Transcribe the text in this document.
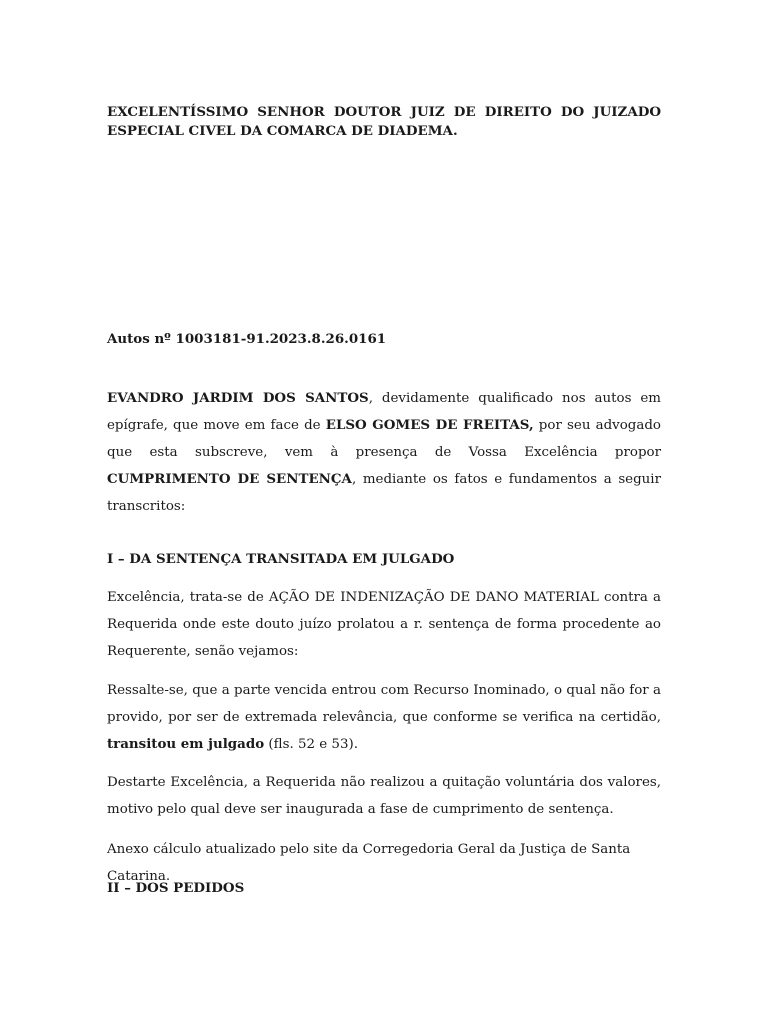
EXCELENTÍSSIMO SENHOR DOUTOR JUIZ DE DIREITO DO JUIZADO ESPECIAL CIVEL DA COMARCA DE DIADEMA.

Autos nº 1003181-91.2023.8.26.0161

EVANDRO JARDIM DOS SANTOS, devidamente qualificado nos autos em epígrafe, que move em face de ELSO GOMES DE FREITAS, por seu advogado que esta subscreve, vem à presença de Vossa Excelência propor CUMPRIMENTO DE SENTENÇA, mediante os fatos e fundamentos a seguir transcritos:

I – DA SENTENÇA TRANSITADA EM JULGADO

Excelência, trata-se de AÇÃO DE INDENIZAÇÃO DE DANO MATERIAL contra a Requerida onde este douto juízo prolatou a r. sentença de forma procedente ao Requerente, senão vejamos:

Ressalte-se, que a parte vencida entrou com Recurso Inominado, o qual não for a provido, por ser de extremada relevância, que conforme se verifica na certidão, transitou em julgado (fls. 52 e 53).

Destarte Excelência, a Requerida não realizou a quitação voluntária dos valores, motivo pelo qual deve ser inaugurada a fase de cumprimento de sentença.

Anexo cálculo atualizado pelo site da Corregedoria Geral da Justiça de Santa Catarina.

II – DOS PEDIDOS
